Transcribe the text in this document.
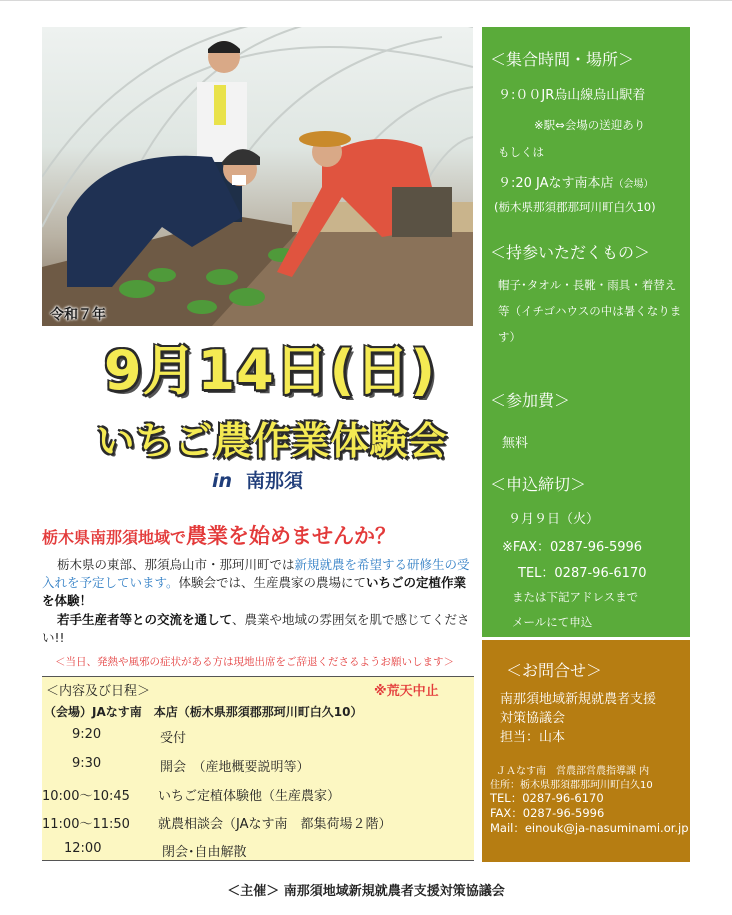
令和７年
9月14日(日)
いちご農作業体験会
in 南那須
栃木県南那須地域で農業を始めませんか？
栃木県の東部、那須烏山市・那珂川町では新規就農を希望する研修生の受入れを予定しています。体験会では、生産農家の農場にていちごの定植作業を体験！
若手生産者等との交流を通して、農業や地域の雰囲気を肌で感じてください!!
＜当日、発熱や風邪の症状がある方は現地出席をご辞退くださるようお願いします＞
＜内容及び日程＞	※荒天中止
（会場）JAなす南　本店（栃木県那須郡那珂川町白久10）
9:20	受付
9:30	開会　（産地概要説明等）
10:00～10:45 いちご定植体験他（生産農家）
11:00～11:50 就農相談会（JAなす南　都集荷場２階）
12:00	閉会･自由解散
＜集合時間・場所＞
９:００JR烏山線烏山駅着
※駅⇔会場の送迎あり
もしくは
９:20 JAなす南本店（会場）
(栃木県那須郡那珂川町白久10)
＜持参いただくもの＞
帽子･タオル・長靴・雨具・着替え
等（イチゴハウスの中は暑くなりま
す）
＜参加費＞
無料
＜申込締切＞
９月９日（火）
※FAX：0287-96-5996
TEL：0287-96-6170
または下記アドレスまで
メールにて申込
＜お問合せ＞
南那須地域新規就農者支援
対策協議会
担当：山本
ＪＡなす南　営農部営農指導課 内
住所：栃木県那須郡那珂川町白久10
TEL：0287-96-6170
FAX：0287-96-5996
Mail：einouk@ja-nasuminami.or.jp
＜主催＞ 南那須地域新規就農者支援対策協議会
